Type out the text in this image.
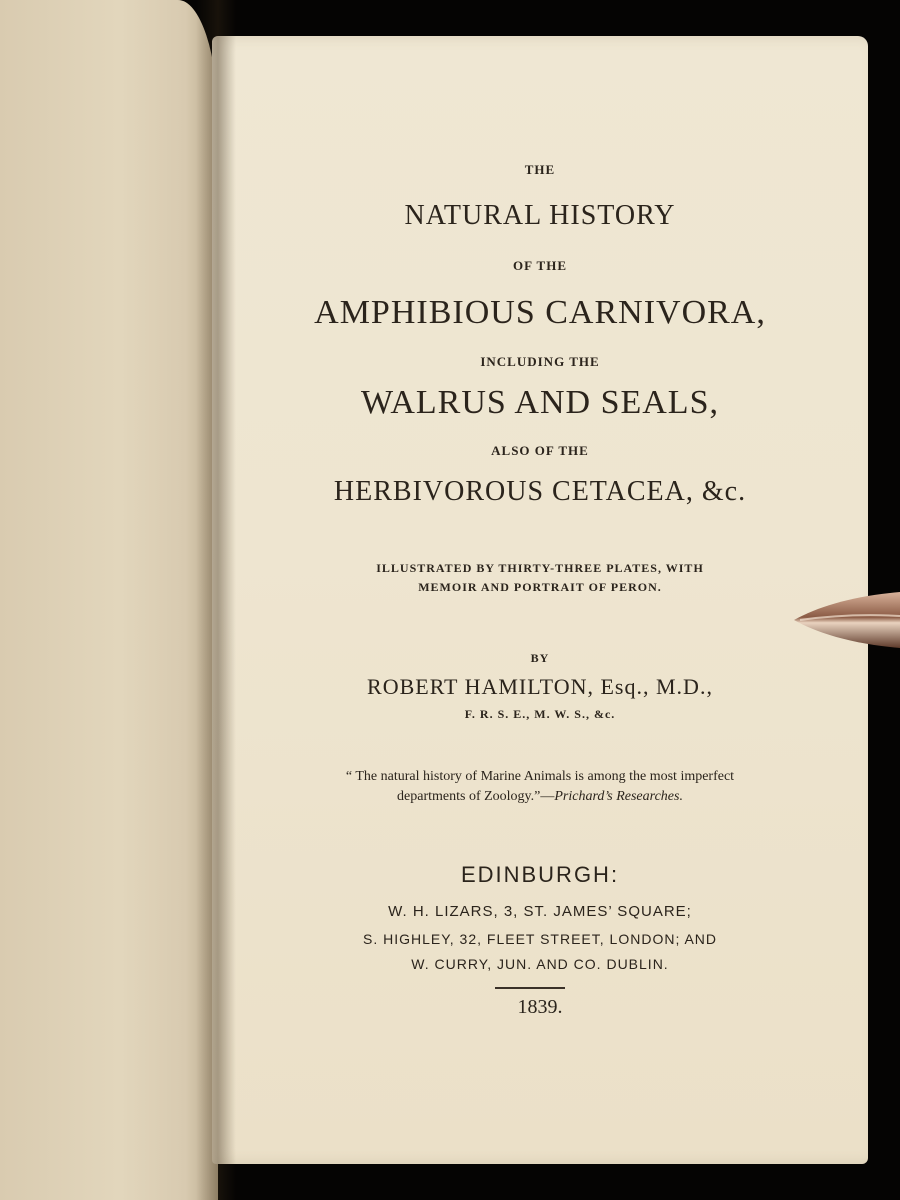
THE
NATURAL HISTORY
OF THE
AMPHIBIOUS CARNIVORA,
INCLUDING THE
WALRUS AND SEALS,
ALSO OF THE
HERBIVOROUS CETACEA, &c.
ILLUSTRATED BY THIRTY-THREE PLATES, WITH
MEMOIR AND PORTRAIT OF PERON.
BY
ROBERT HAMILTON, Esq., M.D.,
F. R. S. E., M. W. S., &c.
“ The natural history of Marine Animals is among the most imperfect
departments of Zoology.”—Prichard’s Researches.
EDINBURGH:
W. H. LIZARS, 3, ST. JAMES’ SQUARE;
S. HIGHLEY, 32, FLEET STREET, LONDON; AND
W. CURRY, JUN. AND CO. DUBLIN.
1839.
